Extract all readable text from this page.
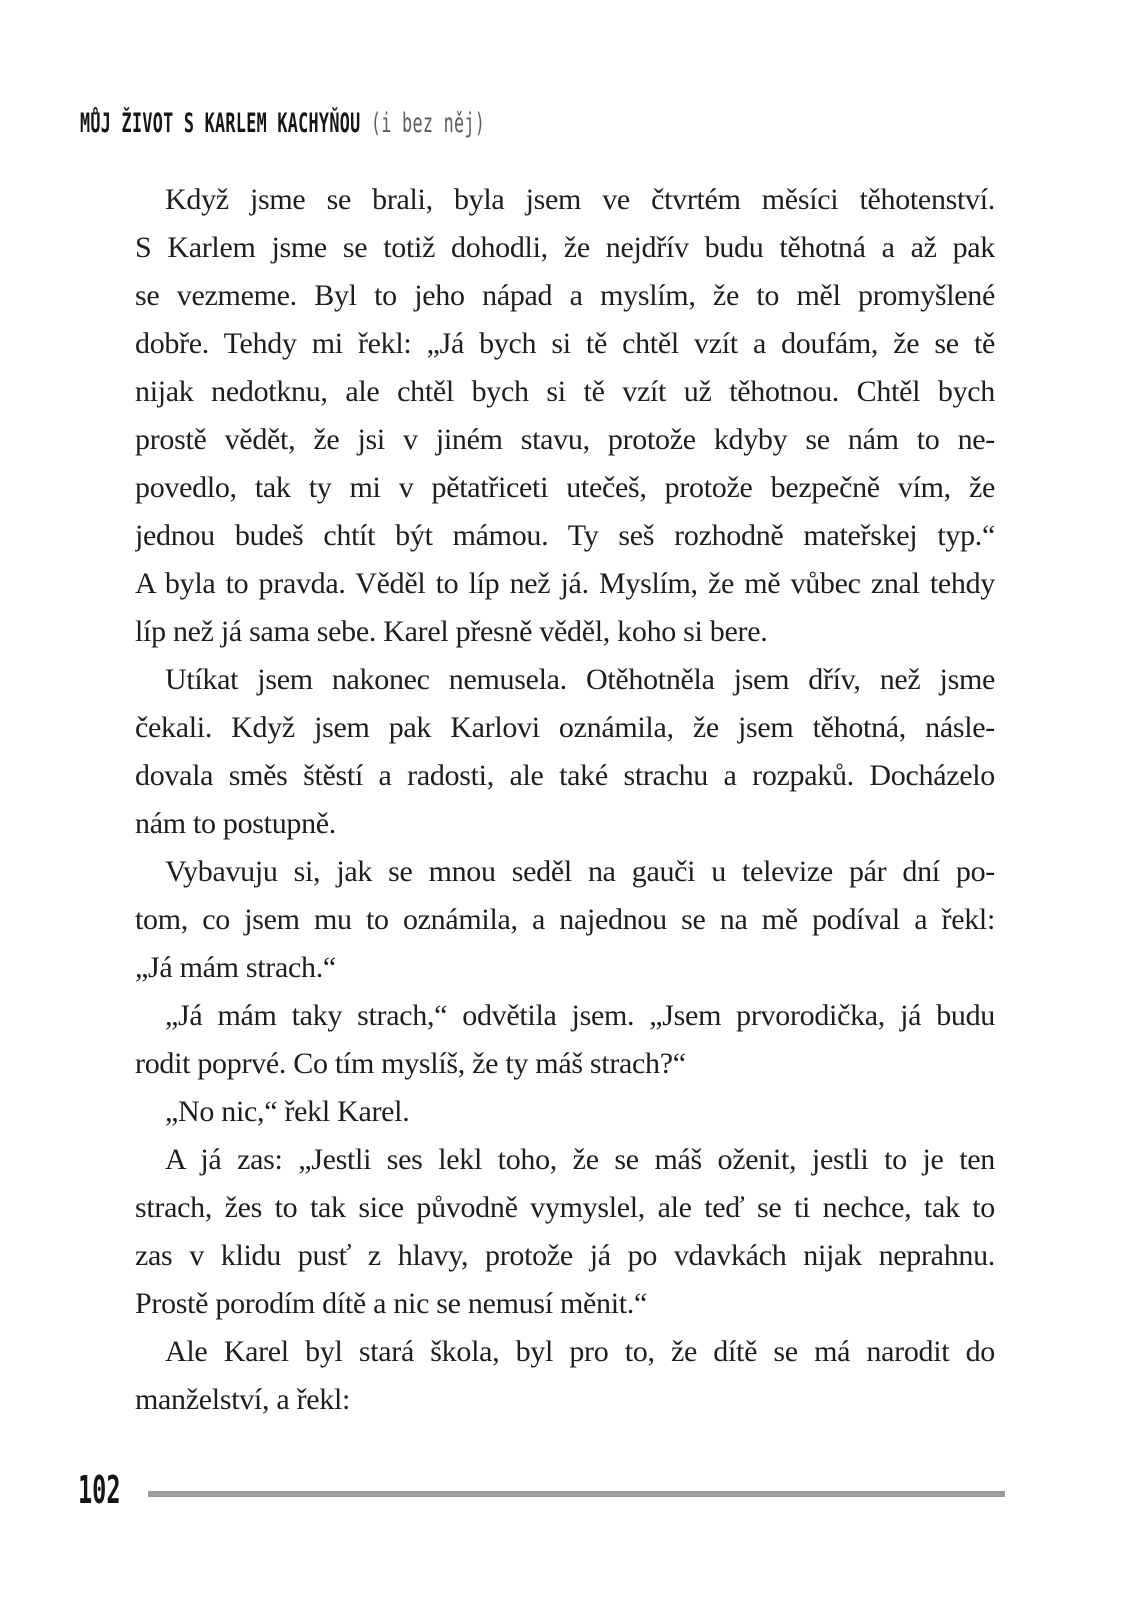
MŮJ ŽIVOT S KARLEM KACHYŇOU (i bez něj)
Když jsme se brali, byla jsem ve čtvrtém měsíci těhotenství.
S Karlem jsme se totiž dohodli, že nejdřív budu těhotná a až pak
se vezmeme. Byl to jeho nápad a myslím, že to měl promyšlené
dobře. Tehdy mi řekl: „Já bych si tě chtěl vzít a doufám, že se tě
nijak nedotknu, ale chtěl bych si tě vzít už těhotnou. Chtěl bych
prostě vědět, že jsi v jiném stavu, protože kdyby se nám to ne-
povedlo, tak ty mi v pětatřiceti utečeš, protože bezpečně vím, že
jednou budeš chtít být mámou. Ty seš rozhodně mateřskej typ.“
A byla to pravda. Věděl to líp než já. Myslím, že mě vůbec znal tehdy
líp než já sama sebe. Karel přesně věděl, koho si bere.
Utíkat jsem nakonec nemusela. Otěhotněla jsem dřív, než jsme
čekali. Když jsem pak Karlovi oznámila, že jsem těhotná, násle-
dovala směs štěstí a radosti, ale také strachu a rozpaků. Docházelo
nám to postupně.
Vybavuju si, jak se mnou seděl na gauči u televize pár dní po-
tom, co jsem mu to oznámila, a najednou se na mě podíval a řekl:
„Já mám strach.“
„Já mám taky strach,“ odvětila jsem. „Jsem prvorodička, já budu
rodit poprvé. Co tím myslíš, že ty máš strach?“
„No nic,“ řekl Karel.
A já zas: „Jestli ses lekl toho, že se máš oženit, jestli to je ten
strach, žes to tak sice původně vymyslel, ale teď se ti nechce, tak to
zas v klidu pusť z hlavy, protože já po vdavkách nijak neprahnu.
Prostě porodím dítě a nic se nemusí měnit.“
Ale Karel byl stará škola, byl pro to, že dítě se má narodit do
manželství, a řekl:
102
